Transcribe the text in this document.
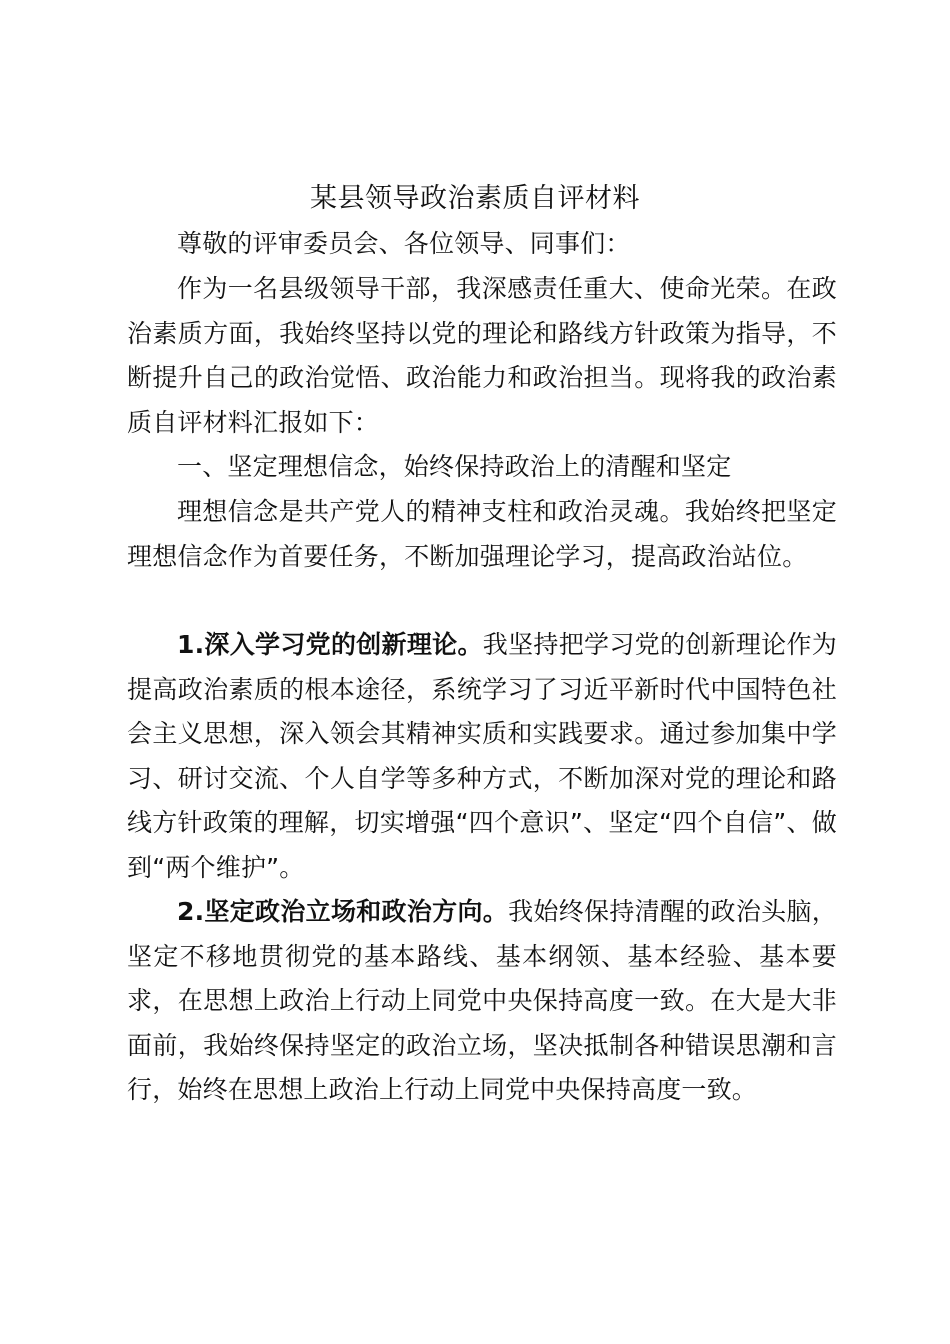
某县领导政治素质自评材料

尊敬的评审委员会、各位领导、同事们：

作为一名县级领导干部，我深感责任重大、使命光荣。在政治素质方面，我始终坚持以党的理论和路线方针政策为指导，不断提升自己的政治觉悟、政治能力和政治担当。现将我的政治素质自评材料汇报如下：

一、坚定理想信念，始终保持政治上的清醒和坚定

理想信念是共产党人的精神支柱和政治灵魂。我始终把坚定理想信念作为首要任务，不断加强理论学习，提高政治站位。

1.深入学习党的创新理论。我坚持把学习党的创新理论作为提高政治素质的根本途径，系统学习了习近平新时代中国特色社会主义思想，深入领会其精神实质和实践要求。通过参加集中学习、研讨交流、个人自学等多种方式，不断加深对党的理论和路线方针政策的理解，切实增强“四个意识”、坚定“四个自信”、做到“两个维护”。

2.坚定政治立场和政治方向。我始终保持清醒的政治头脑，坚定不移地贯彻党的基本路线、基本纲领、基本经验、基本要求，在思想上政治上行动上同党中央保持高度一致。在大是大非面前，我始终保持坚定的政治立场，坚决抵制各种错误思潮和言行，始终在思想上政治上行动上同党中央保持高度一致。
